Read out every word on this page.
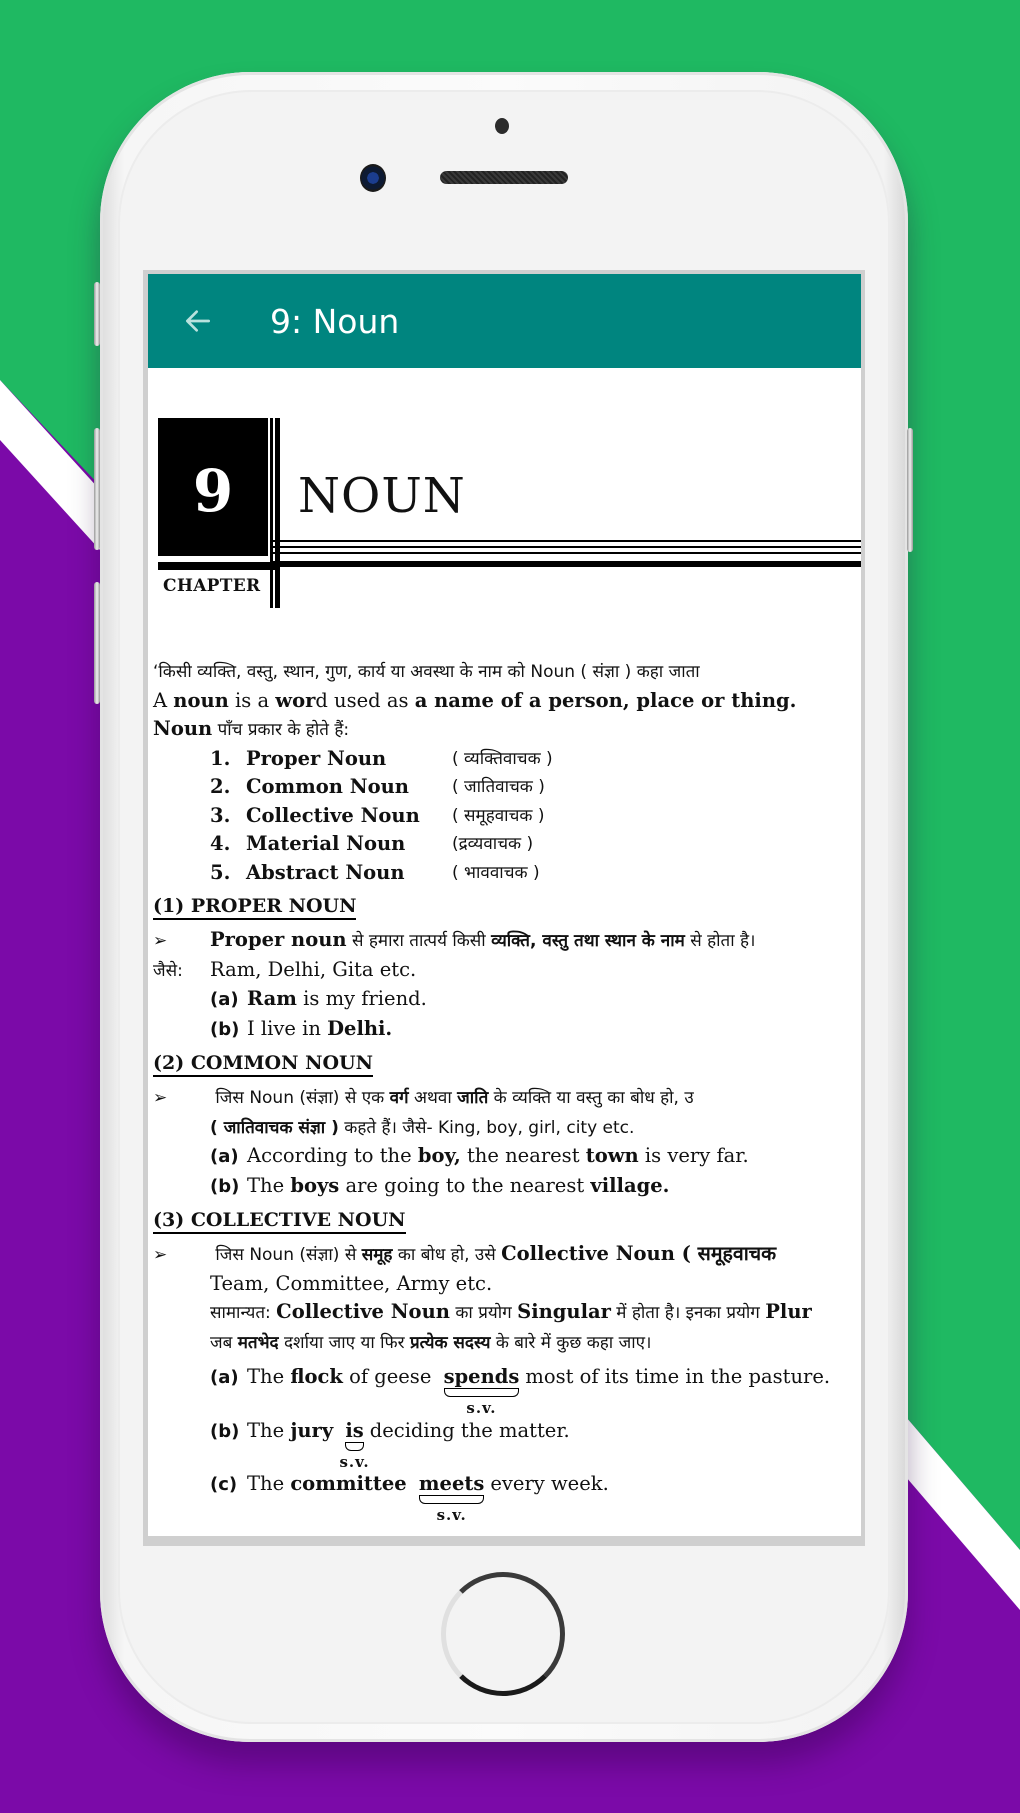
9: Noun
9
CHAPTER
NOUN
‘किसी व्यक्ति, वस्तु, स्थान, गुण, कार्य या अवस्था के नाम को Noun ( संज्ञा ) कहा जाता
A noun is a word used as a name of a person, place or thing.
Noun पाँच प्रकार के होते हैं:
1. Proper Noun	( व्यक्तिवाचक )
2. Common Noun	( जातिवाचक )
3. Collective Noun	( समूहवाचक )
4. Material Noun	(द्रव्यवाचक )
5. Abstract Noun	( भाववाचक )
(1) PROPER NOUN
➢ Proper noun से हमारा तात्पर्य किसी व्यक्ति, वस्तु तथा स्थान के नाम से होता है।
जैसे: Ram, Delhi, Gita etc.
(a) Ram is my friend.
(b) I live in Delhi.
(2) COMMON NOUN
➢	जिस Noun (संज्ञा) से एक वर्ग अथवा जाति के व्यक्ति या वस्तु का बोध हो, उ
( जातिवाचक संज्ञा ) कहते हैं। जैसे- King, boy, girl, city etc.
(a) According to the boy, the nearest town is very far.
(b) The boys are going to the nearest village.
(3) COLLECTIVE NOUN
➢	जिस Noun (संज्ञा) से समूह का बोध हो, उसे Collective Noun ( समूहवाचक
Team, Committee, Army etc.
सामान्यत: Collective Noun का प्रयोग Singular में होता है। इनका प्रयोग Plur
जब मतभेद दर्शाया जाए या फिर प्रत्येक सदस्य के बारे में कुछ कहा जाए।
(a) The flock of geese spends
s.v.
most of its time in the pasture.
(b) The jury is
s.v.
deciding the matter.
(c) The committee meets
s.v.
every week.
